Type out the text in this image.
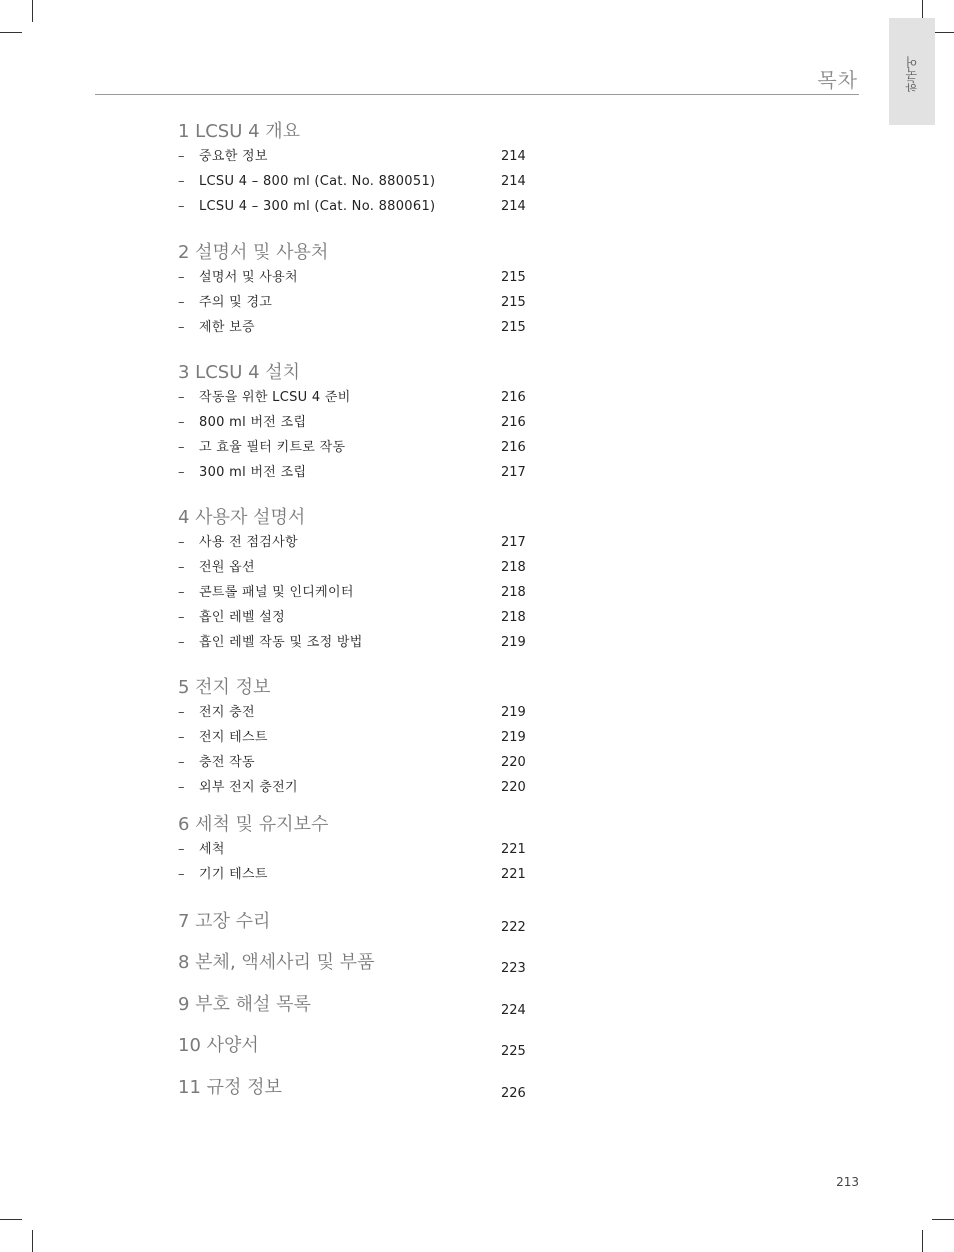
한국어
목차
1 LCSU 4 개요
– 중요한 정보	214
– LCSU 4 – 800 ml (Cat. No. 880051)	214
– LCSU 4 – 300 ml (Cat. No. 880061)	214
2 설명서 및 사용처
– 설명서 및 사용처	215
– 주의 및 경고	215
– 제한 보증	215
3 LCSU 4 설치
– 작동을 위한 LCSU 4 준비	216
– 800 ml 버전 조립	216
– 고 효율 필터 키트로 작동	216
– 300 ml 버전 조립	217
4 사용자 설명서
– 사용 전 점검사항	217
– 전원 옵션	218
– 콘트롤 패널 및 인디케이터	218
– 흡인 레벨 설정	218
– 흡인 레벨 작동 및 조정 방법	219
5 전지 정보
– 전지 충전	219
– 전지 테스트	219
– 충전 작동	220
– 외부 전지 충전기	220
6 세척 및 유지보수
– 세척	221
– 기기 테스트	221
7 고장 수리	222
8 본체, 액세사리 및 부품	223
9 부호 해설 목록	224
10 사양서	225
11 규정 정보	226
213
